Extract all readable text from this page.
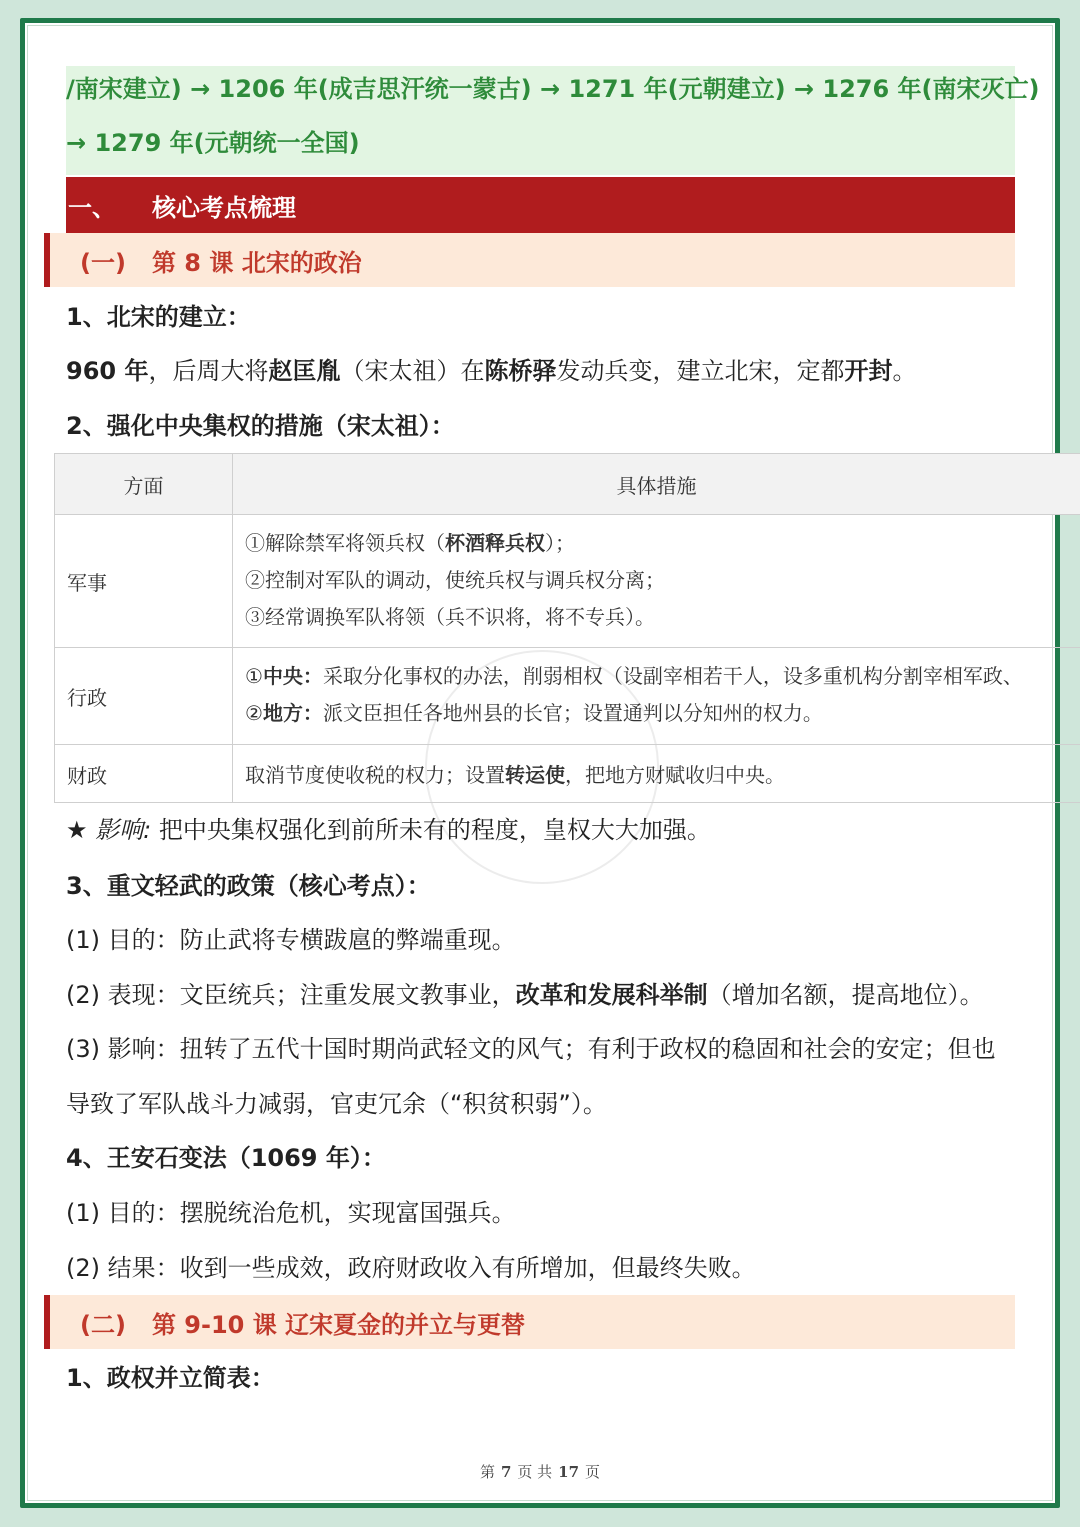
/南宋建立) → 1206 年(成吉思汗统一蒙古) → 1271 年(元朝建立) → 1276 年(南宋灭亡)

→ 1279 年(元朝统一全国)

一、 核心考点梳理
(一) 第 8 课 北宋的政治
1、北宋的建立：
960 年，后周大将赵匡胤（宋太祖）在陈桥驿发动兵变，建立北宋，定都开封。
2、强化中央集权的措施（宋太祖）：
方面	具体措施
军事
①解除禁军将领兵权（杯酒释兵权）；
②控制对军队的调动，使统兵权与调兵权分离；
③经常调换军队将领（兵不识将，将不专兵）。
行政
①中央：采取分化事权的办法，削弱相权（设副宰相若干人，设多重机构分割宰相军政、
②地方：派文臣担任各地州县的长官；设置通判以分知州的权力。
财政	取消节度使收税的权力；设置转运使，把地方财赋收归中央。
★ 影响: 把中央集权强化到前所未有的程度，皇权大大加强。
3、重文轻武的政策（核心考点）：
(1) 目的：防止武将专横跋扈的弊端重现。
(2) 表现：文臣统兵；注重发展文教事业，改革和发展科举制（增加名额，提高地位）。
(3) 影响：扭转了五代十国时期尚武轻文的风气；有利于政权的稳固和社会的安定；但也
导致了军队战斗力减弱，官吏冗余（“积贫积弱”）。
4、王安石变法（1069 年）：
(1) 目的：摆脱统治危机，实现富国强兵。
(2) 结果：收到一些成效，政府财政收入有所增加，但最终失败。
(二) 第 9-10 课 辽宋夏金的并立与更替
1、政权并立简表：
第 7 页 共 17 页
